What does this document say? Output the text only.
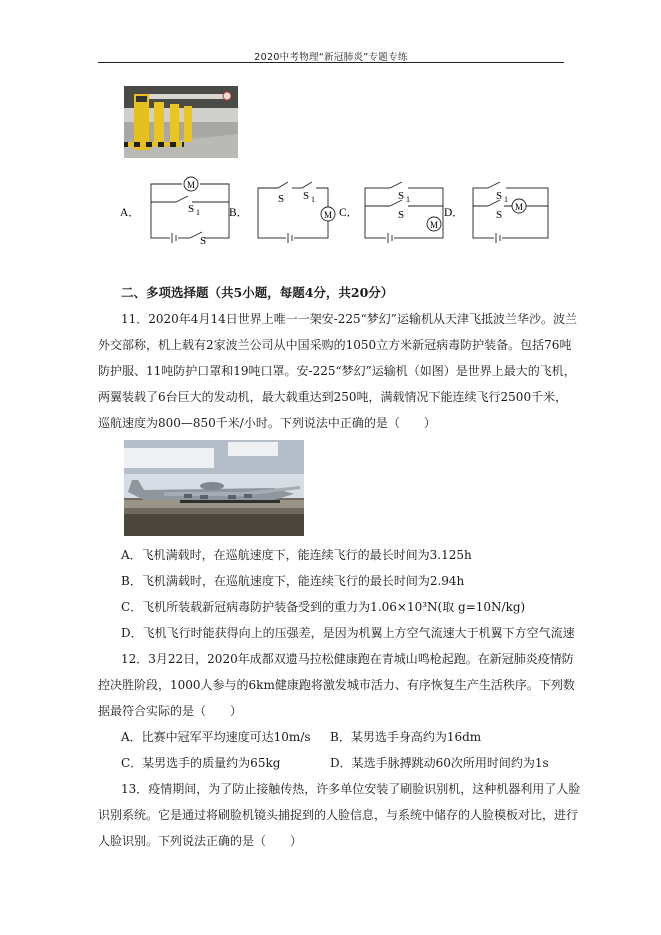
2020中考物理“新冠肺炎”专题专练
A．
M
S 1
S
B．	M
S S 1
C．
M
S 1
S	D．	M
S 1
S
二、多项选择题（共5小题，每题4分，共20分）
11．2020年4月14日世界上唯一一架安-225“梦幻”运输机从天津飞抵波兰华沙。波兰
外交部称，机上载有2家波兰公司从中国采购的1050立方米新冠病毒防护装备。包括76吨
防护服、11吨防护口罩和19吨口罩。安-225“梦幻”运输机（如图）是世界上最大的飞机，
两翼装载了6台巨大的发动机，最大载重达到250吨，满载情况下能连续飞行2500千米，
巡航速度为800—850千米/小时。下列说法中正确的是（　　）
A．飞机满载时，在巡航速度下，能连续飞行的最长时间为3.125h
B．飞机满载时，在巡航速度下，能连续飞行的最长时间为2.94h
C．飞机所装载新冠病毒防护装备受到的重力为1.06×10³N(取 g=10N/kg)
D．飞机飞行时能获得向上的压强差，是因为机翼上方空气流速大于机翼下方空气流速
12．3月22日，2020年成都双遗马拉松健康跑在青城山鸣枪起跑。在新冠肺炎疫情防
控决胜阶段，1000人参与的6km健康跑将激发城市活力、有序恢复生产生活秩序。下列数
据最符合实际的是（　　）
A．比赛中冠军平均速度可达10m/s B．某男选手身高约为16dm
C．某男选手的质量约为65kg	D．某选手脉搏跳动60次所用时间约为1s
13．疫情期间，为了防止接触传热，许多单位安装了刷脸识别机，这种机器利用了人脸
识别系统。它是通过将刷脸机镜头捕捉到的人脸信息，与系统中储存的人脸模板对比，进行
人脸识别。下列说法正确的是（　　）
